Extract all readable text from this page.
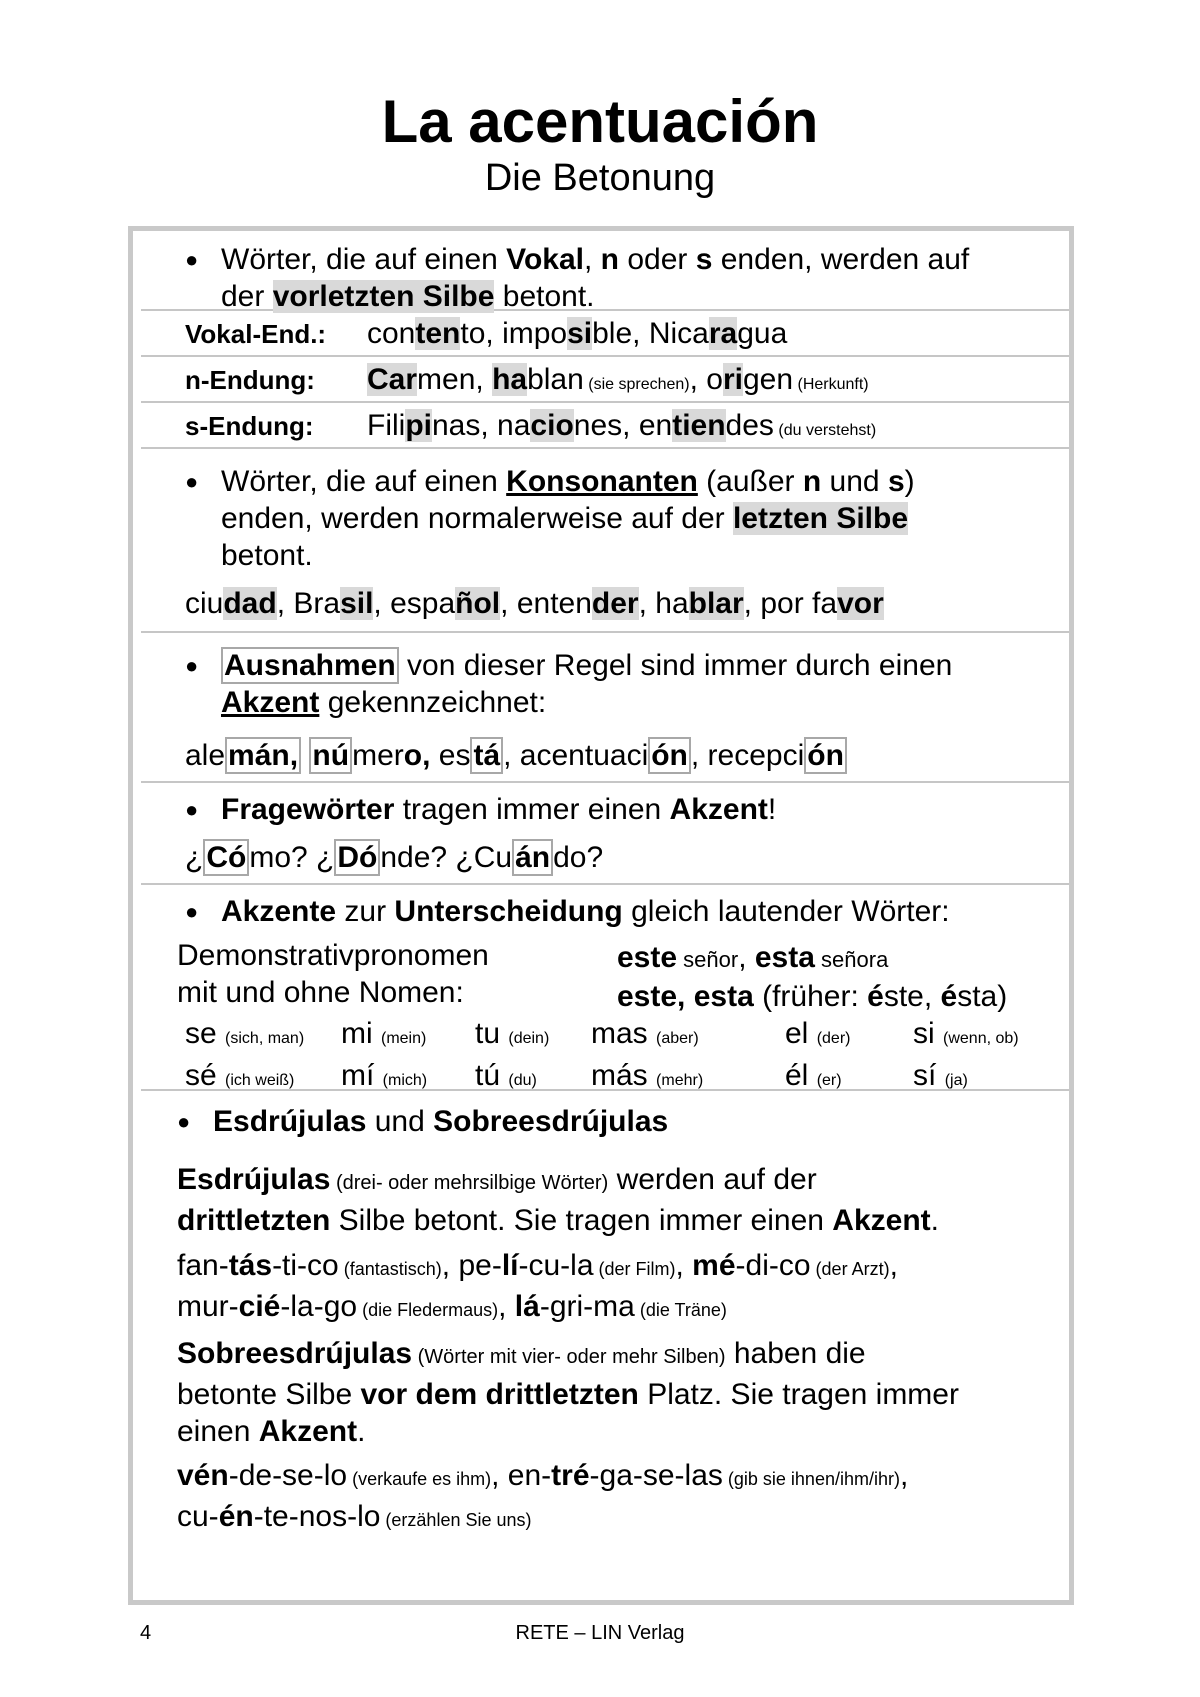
La acentuación
Die Betonung
● Wörter, die auf einen Vokal, n oder s enden, werden auf
der vorletzten Silbe betont.
Vokal-End.: contento, imposible, Nicaragua
n-Endung: Carmen, hablan (sie sprechen), origen (Herkunft)
s-Endung: Filipinas, naciones, entiendes (du verstehst)
● Wörter, die auf einen Konsonanten (außer n und s)
enden, werden normalerweise auf der letzten Silbe
betont.
ciudad, Brasil, español, entender, hablar, por favor
● Ausnahmen von dieser Regel sind immer durch einen
Akzent gekennzeichnet:
ale mán, nú mero, es tá , acentuaci ón , recepci ón
● Fragewörter tragen immer einen Akzent!
¿ Có mo? ¿ Dó nde? ¿Cu án do?
● Akzente zur Unterscheidung gleich lautender Wörter:
Demonstrativpronomen
mit und ohne Nomen:
este señor, esta señora
este, esta (früher: éste, ésta)
se (sich, man)
sé (ich weiß)
mi (mein)
mí (mich)
tu (dein)
tú (du)
mas (aber)
más (mehr)
el (der)
él (er)
si (wenn, ob)
sí (ja)
● Esdrújulas und Sobreesdrújulas
Esdrújulas (drei- oder mehrsilbige Wörter) werden auf der
drittletzten Silbe betont. Sie tragen immer einen Akzent.
fan-tás-ti-co (fantastisch), pe-lí-cu-la (der Film), mé-di-co (der Arzt),
mur-cié-la-go (die Fledermaus), lá-gri-ma (die Träne)
Sobreesdrújulas (Wörter mit vier- oder mehr Silben) haben die
betonte Silbe vor dem drittletzten Platz. Sie tragen immer
einen Akzent.
vén-de-se-lo (verkaufe es ihm), en-tré-ga-se-las (gib sie ihnen/ihm/ihr),
cu-én-te-nos-lo (erzählen Sie uns)
4	RETE – LIN Verlag
